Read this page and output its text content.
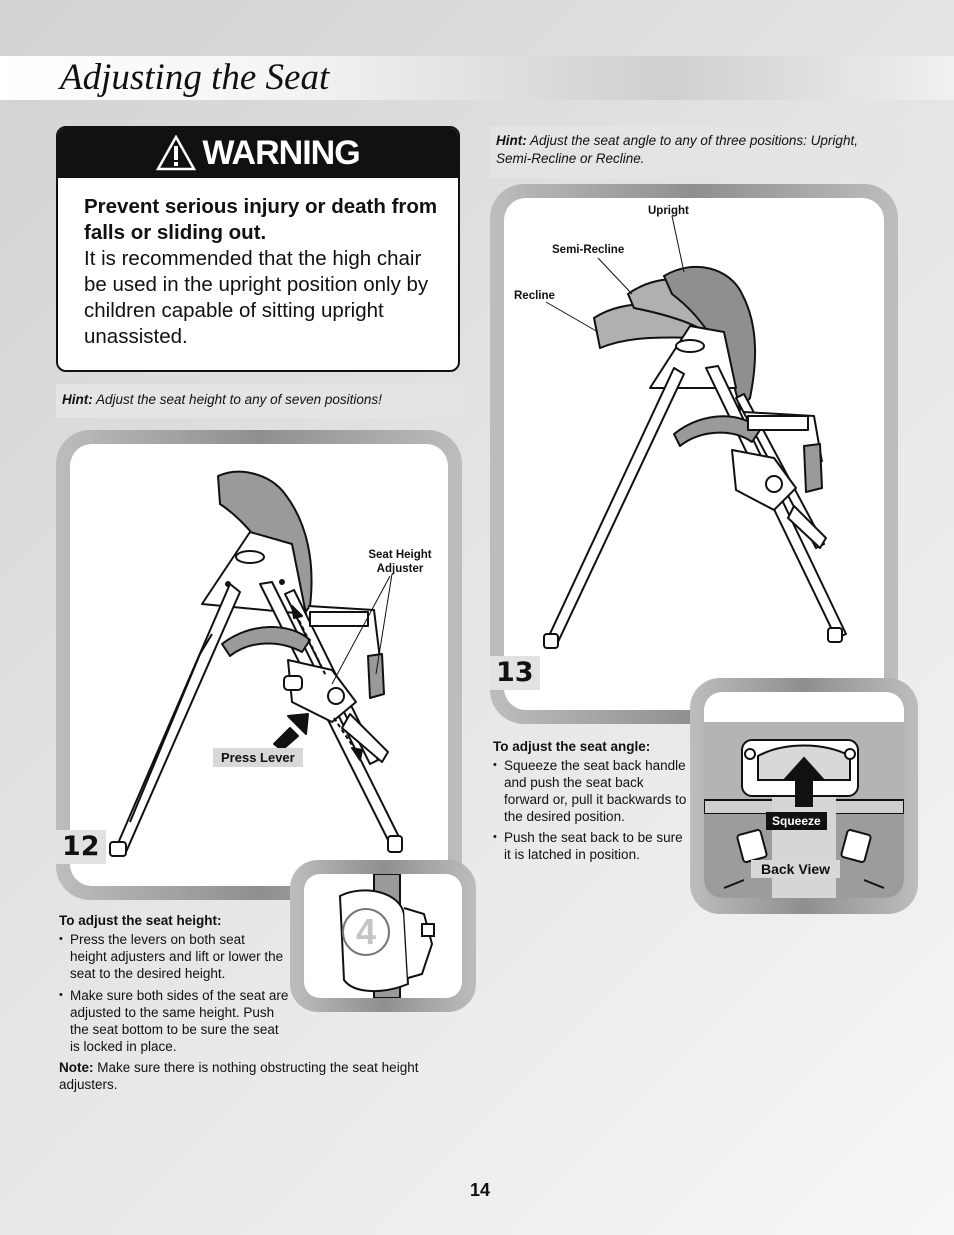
Adjusting the Seat
WARNING
Prevent serious injury or death from falls or sliding out.
It is recommended that the high chair be used in the upright position only by children capable of sitting upright unassisted.
Hint: Adjust the seat height to any of seven positions!
Hint: Adjust the seat angle to any of three positions: Upright, Semi-Recline or Recline.
Seat Height Adjuster
Press Lever
12
4
Upright
Semi-Recline
Recline
13
Squeeze
Back View
To adjust the seat height:
• Press the levers on both seat height adjusters and lift or lower the seat to the desired height.
• Make sure both sides of the seat are adjusted to the same height. Push the seat bottom to be sure the seat is locked in place.
Note: Make sure there is nothing obstructing the seat height adjusters.
To adjust the seat angle:
• Squeeze the seat back handle and push the seat back forward or, pull it backwards to the desired position.
• Push the seat back to be sure it is latched in position.
14
